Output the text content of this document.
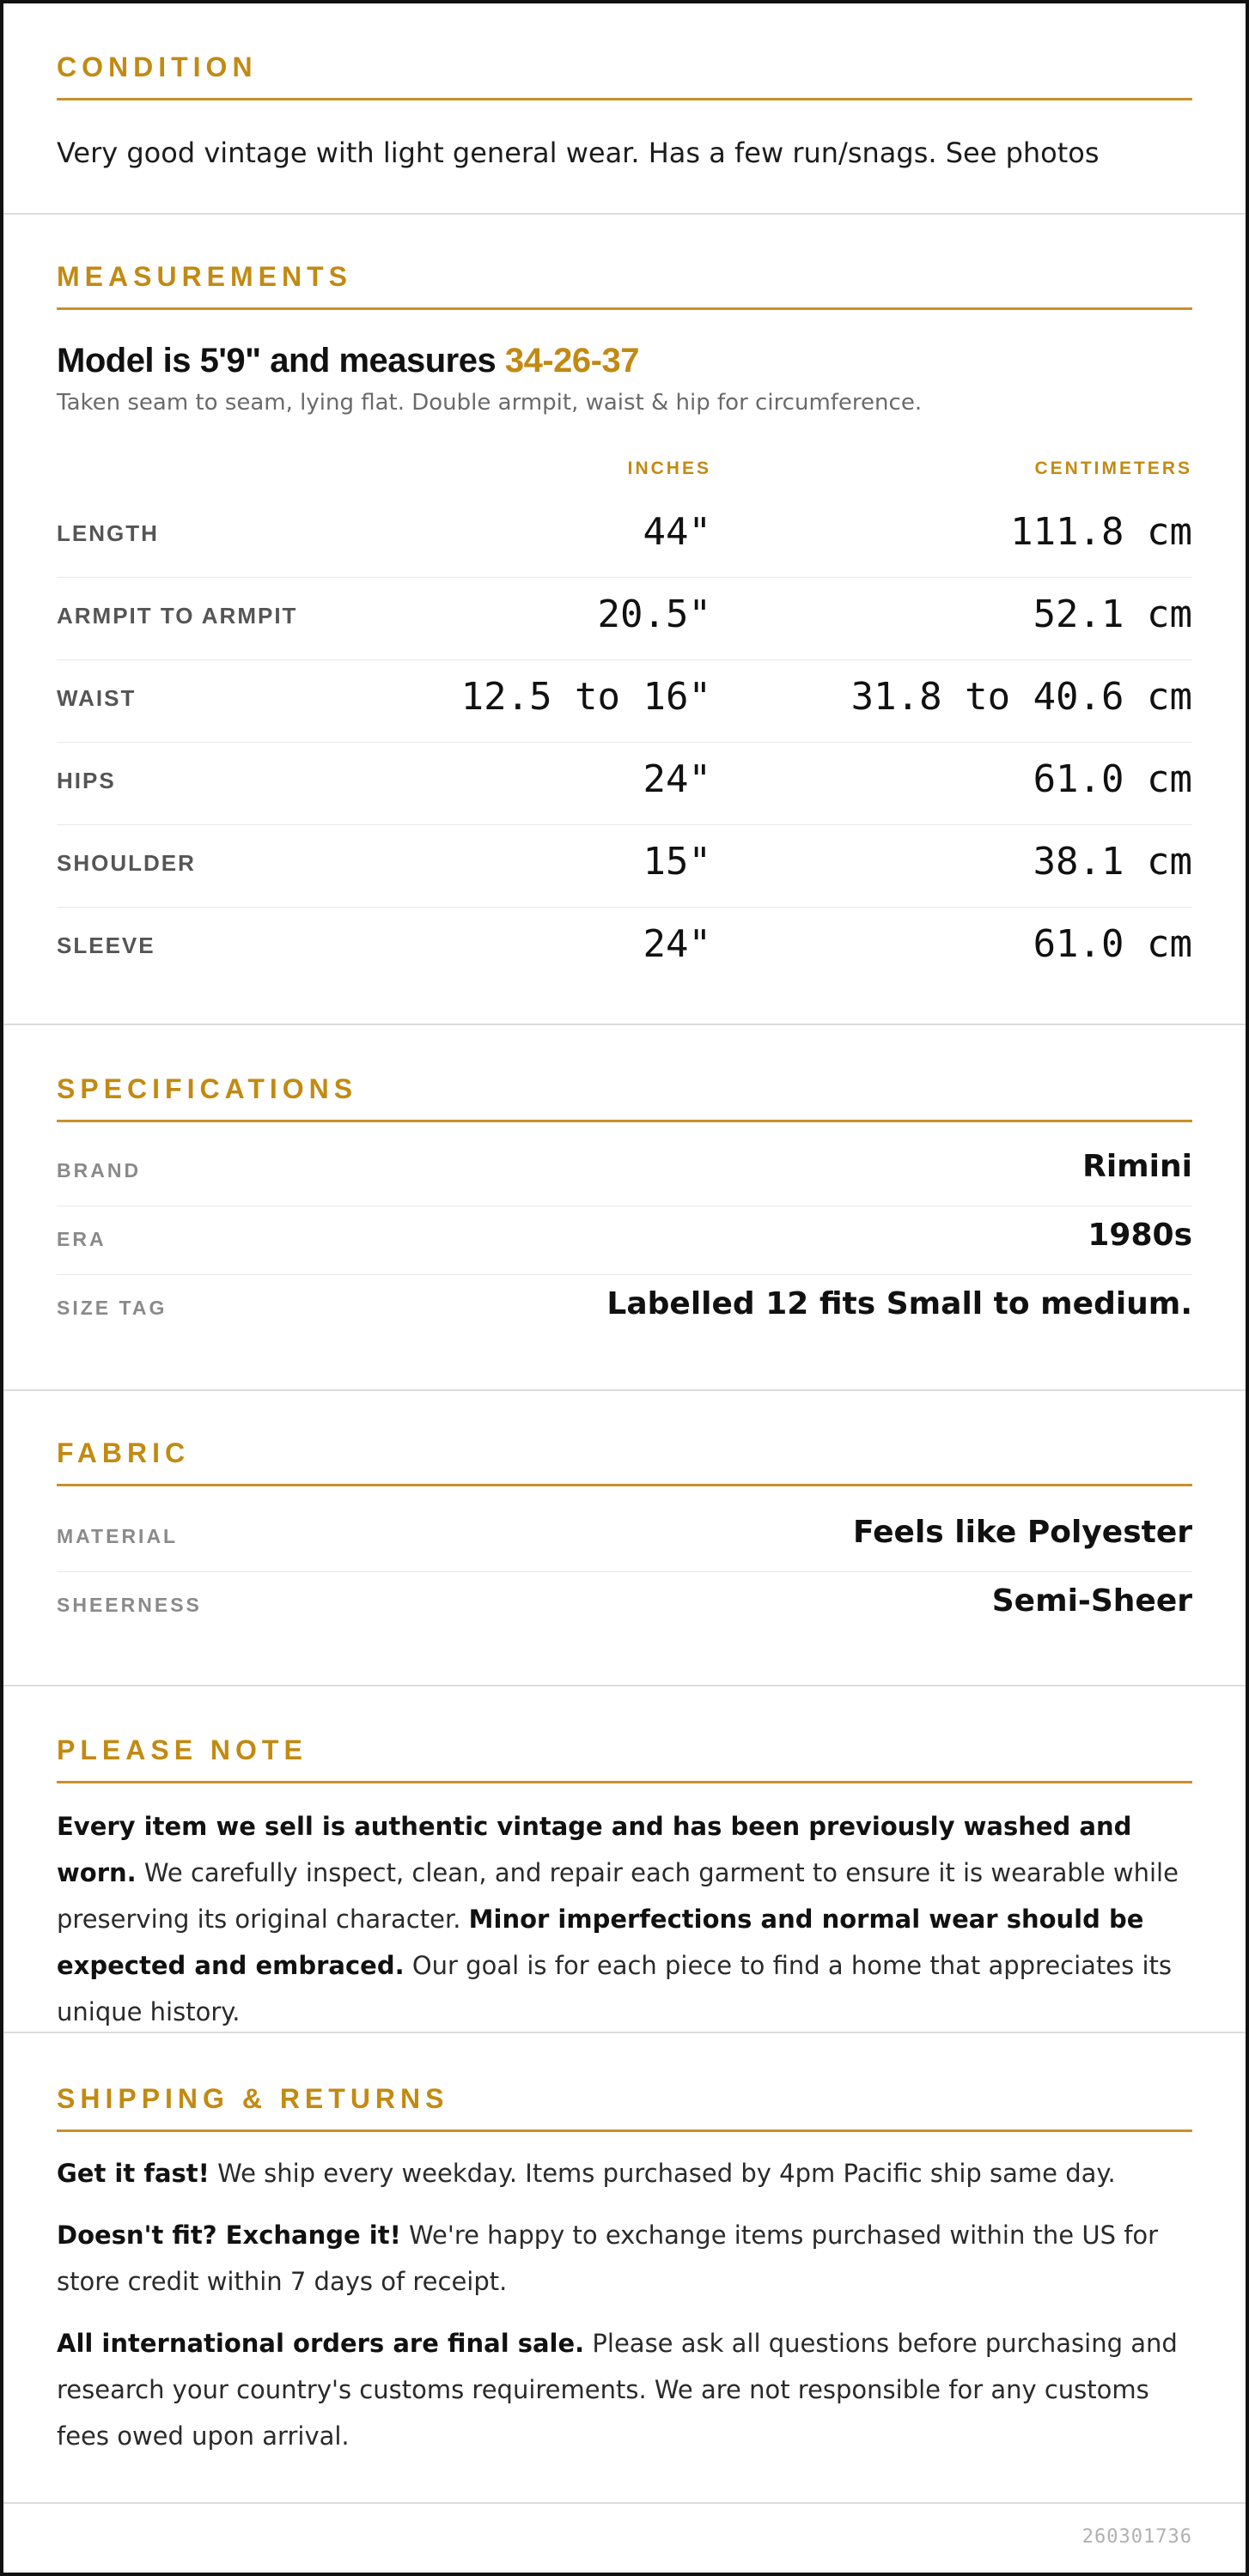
CONDITION
Very good vintage with light general wear. Has a few run/snags. See photos
MEASUREMENTS
Model is 5'9" and measures 34-26-37
Taken seam to seam, lying flat. Double armpit, waist & hip for circumference.
INCHES	CENTIMETERS
LENGTH	44"	111.8 cm
ARMPIT TO ARMPIT	20.5"	52.1 cm
WAIST	12.5 to 16"	31.8 to 40.6 cm
HIPS	24"	61.0 cm
SHOULDER	15"	38.1 cm
SLEEVE	24"	61.0 cm
SPECIFICATIONS
BRAND	Rimini
ERA	1980s
SIZE TAG	Labelled 12 fits Small to medium.
FABRIC
MATERIAL	Feels like Polyester
SHEERNESS	Semi-Sheer
PLEASE NOTE
Every item we sell is authentic vintage and has been previously washed and worn. We carefully inspect, clean, and repair each garment to ensure it is wearable while preserving its original character. Minor imperfections and normal wear should be expected and embraced. Our goal is for each piece to find a home that appreciates its unique history.
SHIPPING & RETURNS
Get it fast! We ship every weekday. Items purchased by 4pm Pacific ship same day.
Doesn't fit? Exchange it! We're happy to exchange items purchased within the US for store credit within 7 days of receipt.
All international orders are final sale. Please ask all questions before purchasing and research your country's customs requirements. We are not responsible for any customs fees owed upon arrival.
260301736
